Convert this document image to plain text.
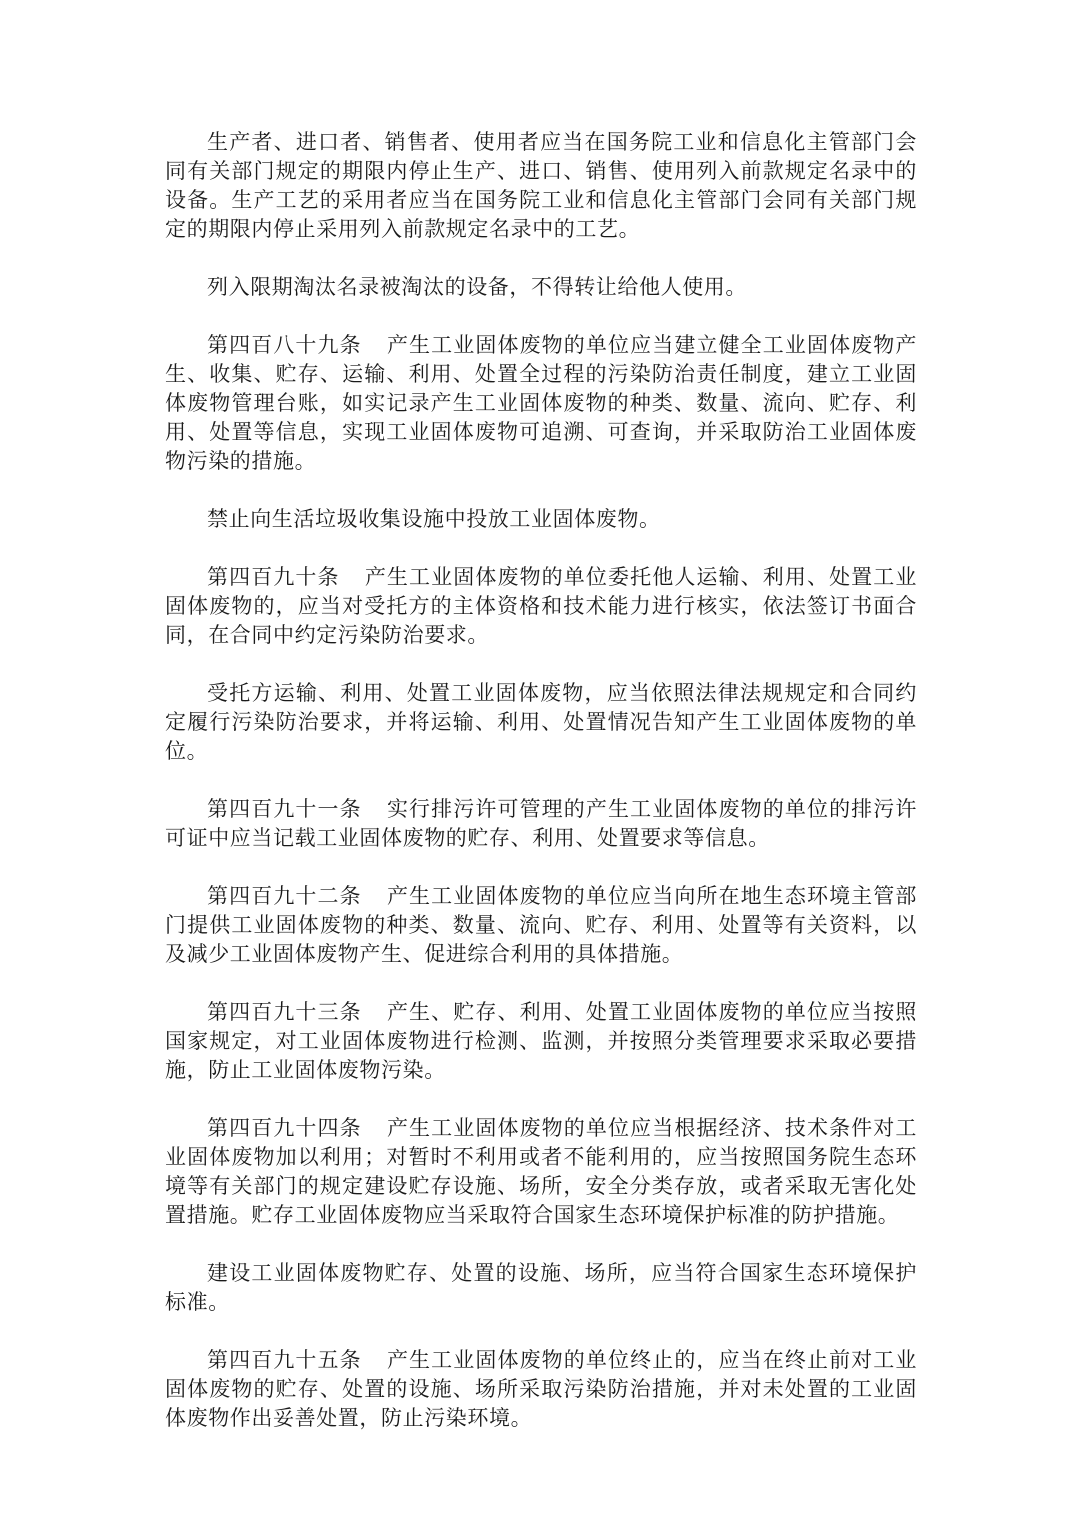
生产者、进口者、销售者、使用者应当在国务院工业和信息化主管部门会同有关部门规定的期限内停止生产、进口、销售、使用列入前款规定名录中的设备。生产工艺的采用者应当在国务院工业和信息化主管部门会同有关部门规定的期限内停止采用列入前款规定名录中的工艺。

列入限期淘汰名录被淘汰的设备，不得转让给他人使用。

第四百八十九条 产生工业固体废物的单位应当建立健全工业固体废物产生、收集、贮存、运输、利用、处置全过程的污染防治责任制度，建立工业固体废物管理台账，如实记录产生工业固体废物的种类、数量、流向、贮存、利用、处置等信息，实现工业固体废物可追溯、可查询，并采取防治工业固体废物污染的措施。

禁止向生活垃圾收集设施中投放工业固体废物。

第四百九十条 产生工业固体废物的单位委托他人运输、利用、处置工业固体废物的，应当对受托方的主体资格和技术能力进行核实，依法签订书面合同，在合同中约定污染防治要求。

受托方运输、利用、处置工业固体废物，应当依照法律法规规定和合同约定履行污染防治要求，并将运输、利用、处置情况告知产生工业固体废物的单位。

第四百九十一条 实行排污许可管理的产生工业固体废物的单位的排污许可证中应当记载工业固体废物的贮存、利用、处置要求等信息。

第四百九十二条 产生工业固体废物的单位应当向所在地生态环境主管部门提供工业固体废物的种类、数量、流向、贮存、利用、处置等有关资料，以及减少工业固体废物产生、促进综合利用的具体措施。

第四百九十三条 产生、贮存、利用、处置工业固体废物的单位应当按照国家规定，对工业固体废物进行检测、监测，并按照分类管理要求采取必要措施，防止工业固体废物污染。

第四百九十四条 产生工业固体废物的单位应当根据经济、技术条件对工业固体废物加以利用；对暂时不利用或者不能利用的，应当按照国务院生态环境等有关部门的规定建设贮存设施、场所，安全分类存放，或者采取无害化处置措施。贮存工业固体废物应当采取符合国家生态环境保护标准的防护措施。

建设工业固体废物贮存、处置的设施、场所，应当符合国家生态环境保护标准。

第四百九十五条 产生工业固体废物的单位终止的，应当在终止前对工业固体废物的贮存、处置的设施、场所采取污染防治措施，并对未处置的工业固体废物作出妥善处置，防止污染环境。
